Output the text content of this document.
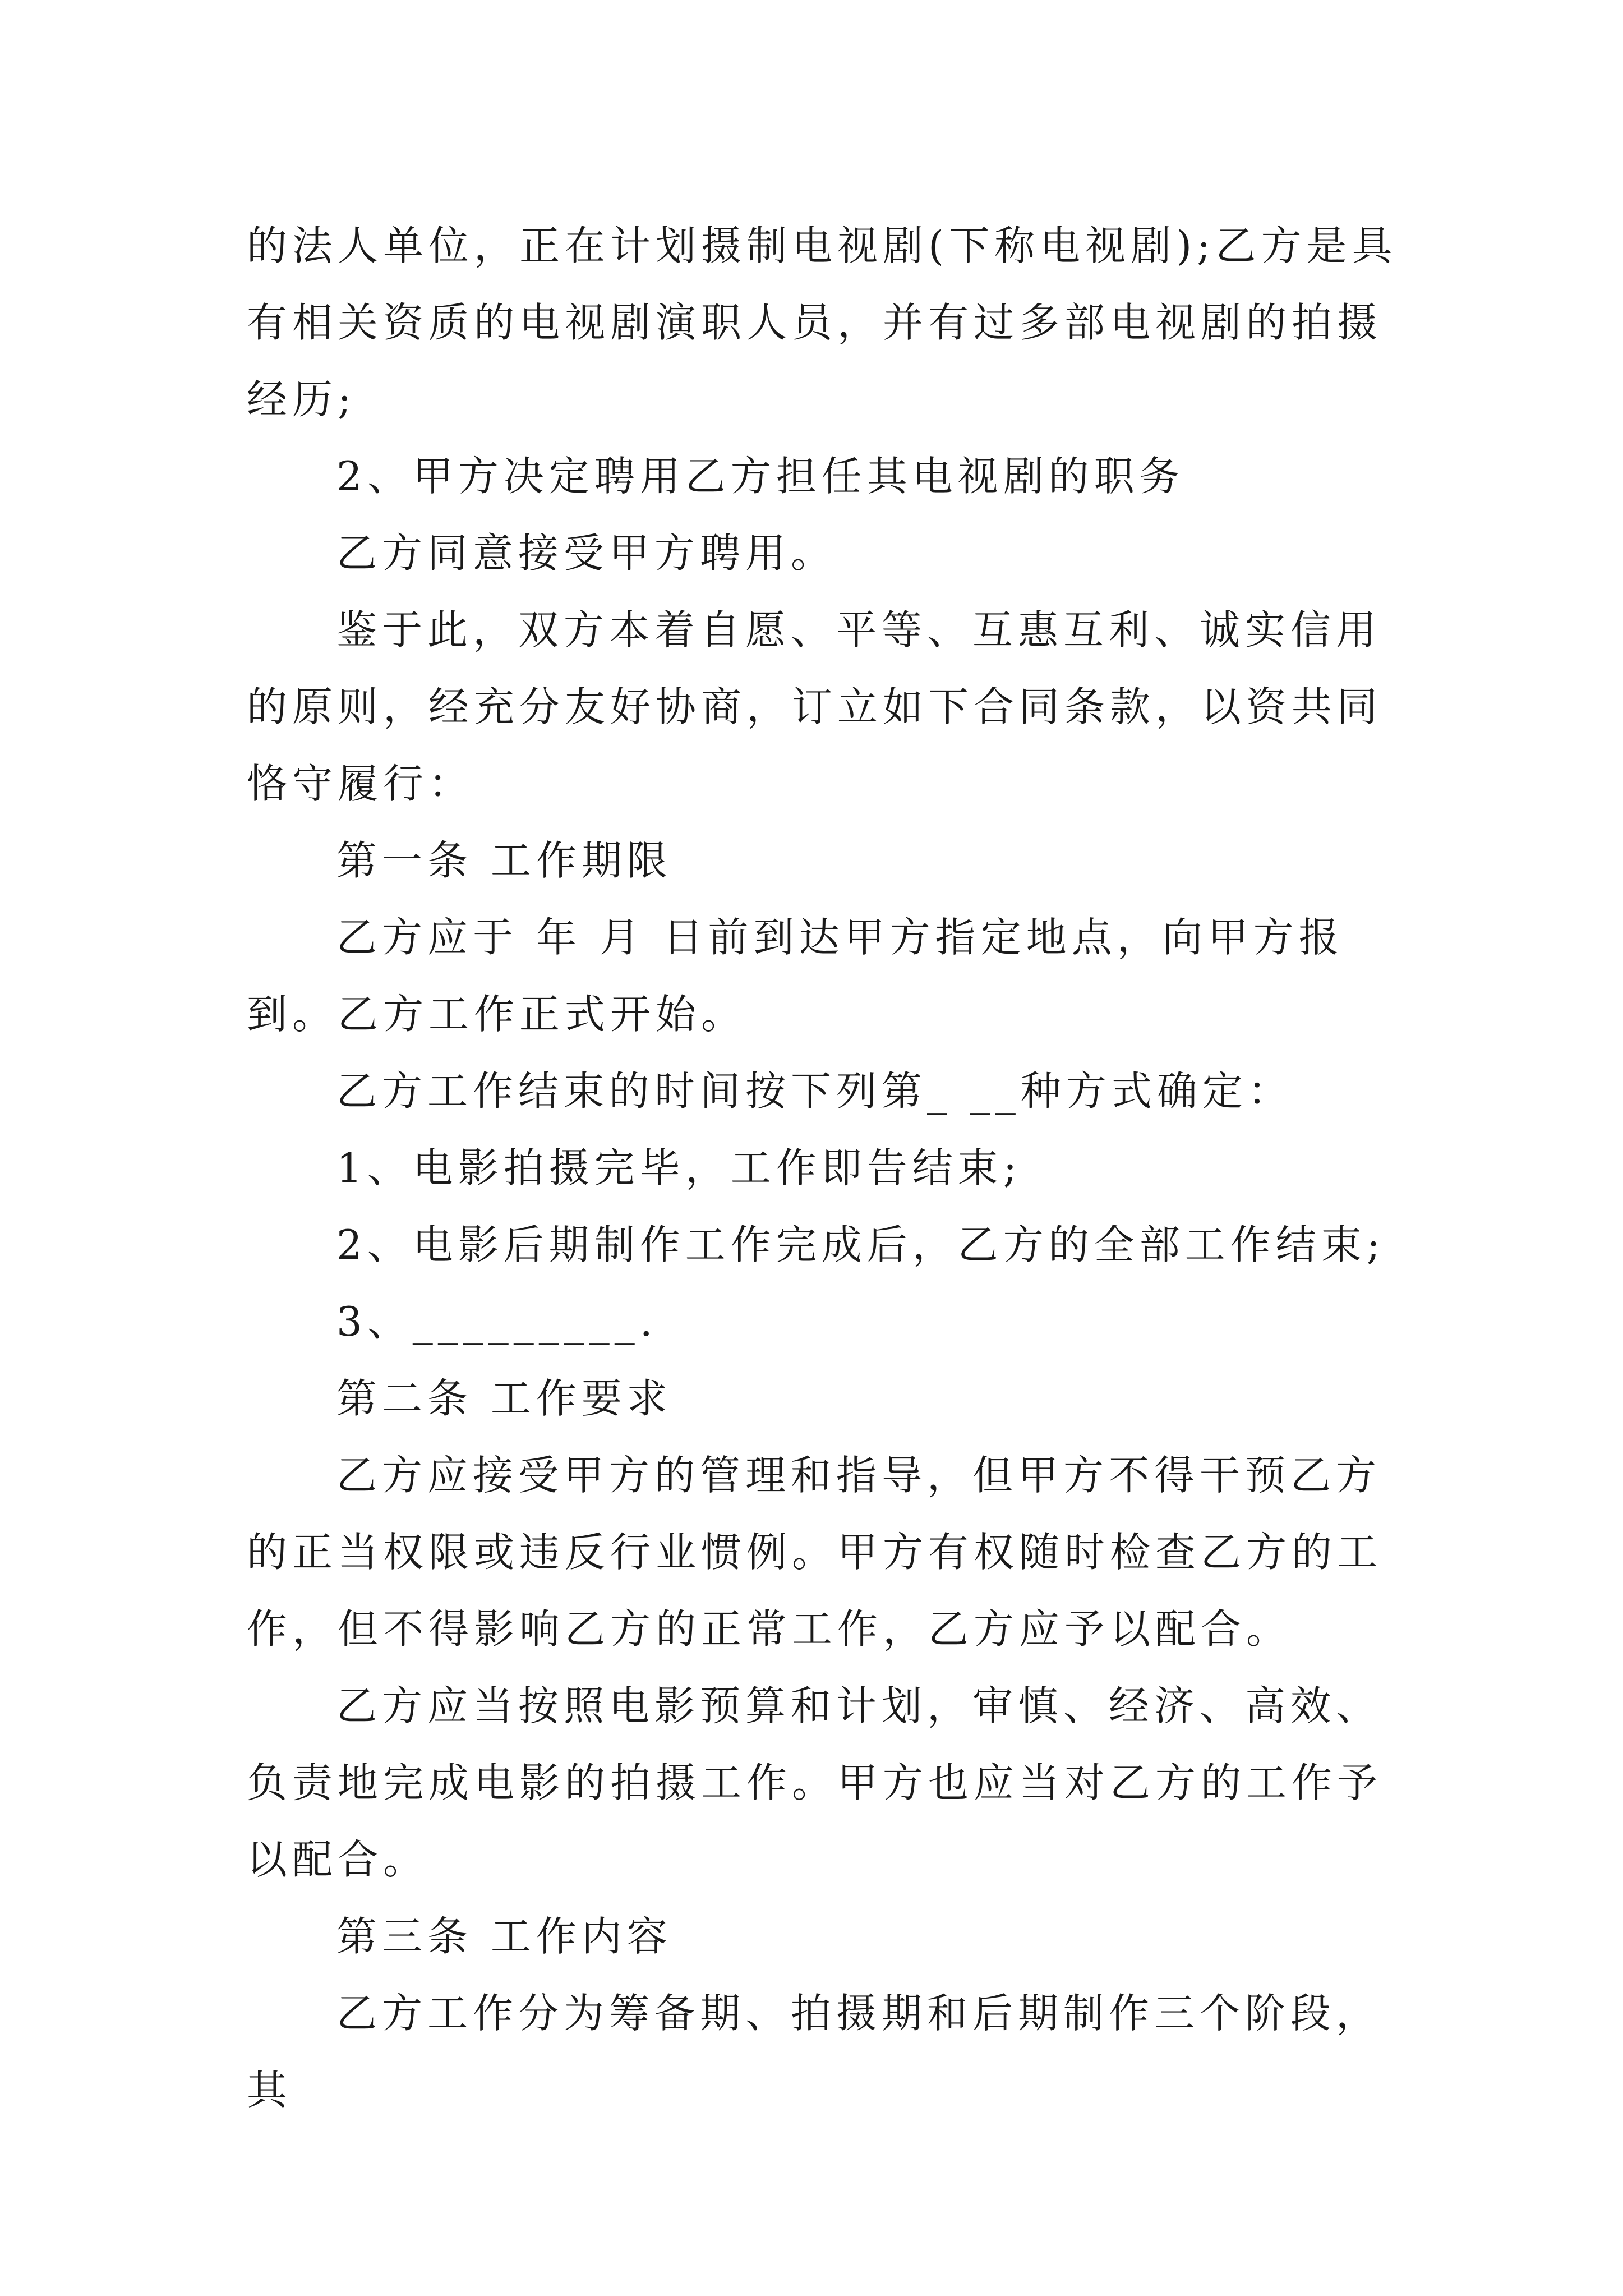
的法人单位，正在计划摄制电视剧(下称电视剧);乙方是具有相关资质的电视剧演职人员，并有过多部电视剧的拍摄经历;

2、甲方决定聘用乙方担任其电视剧的职务

乙方同意接受甲方聘用。

鉴于此，双方本着自愿、平等、互惠互利、诚实信用的原则，经充分友好协商，订立如下合同条款，以资共同恪守履行：

第一条 工作期限

乙方应于 年 月 日前到达甲方指定地点，向甲方报到。乙方工作正式开始。

乙方工作结束的时间按下列第_ __种方式确定：

1、电影拍摄完毕，工作即告结束;

2、电影后期制作工作完成后，乙方的全部工作结束;

3、_________.

第二条 工作要求

乙方应接受甲方的管理和指导，但甲方不得干预乙方的正当权限或违反行业惯例。甲方有权随时检查乙方的工作，但不得影响乙方的正常工作，乙方应予以配合。

乙方应当按照电影预算和计划，审慎、经济、高效、负责地完成电影的拍摄工作。甲方也应当对乙方的工作予以配合。

第三条 工作内容

乙方工作分为筹备期、拍摄期和后期制作三个阶段，其
